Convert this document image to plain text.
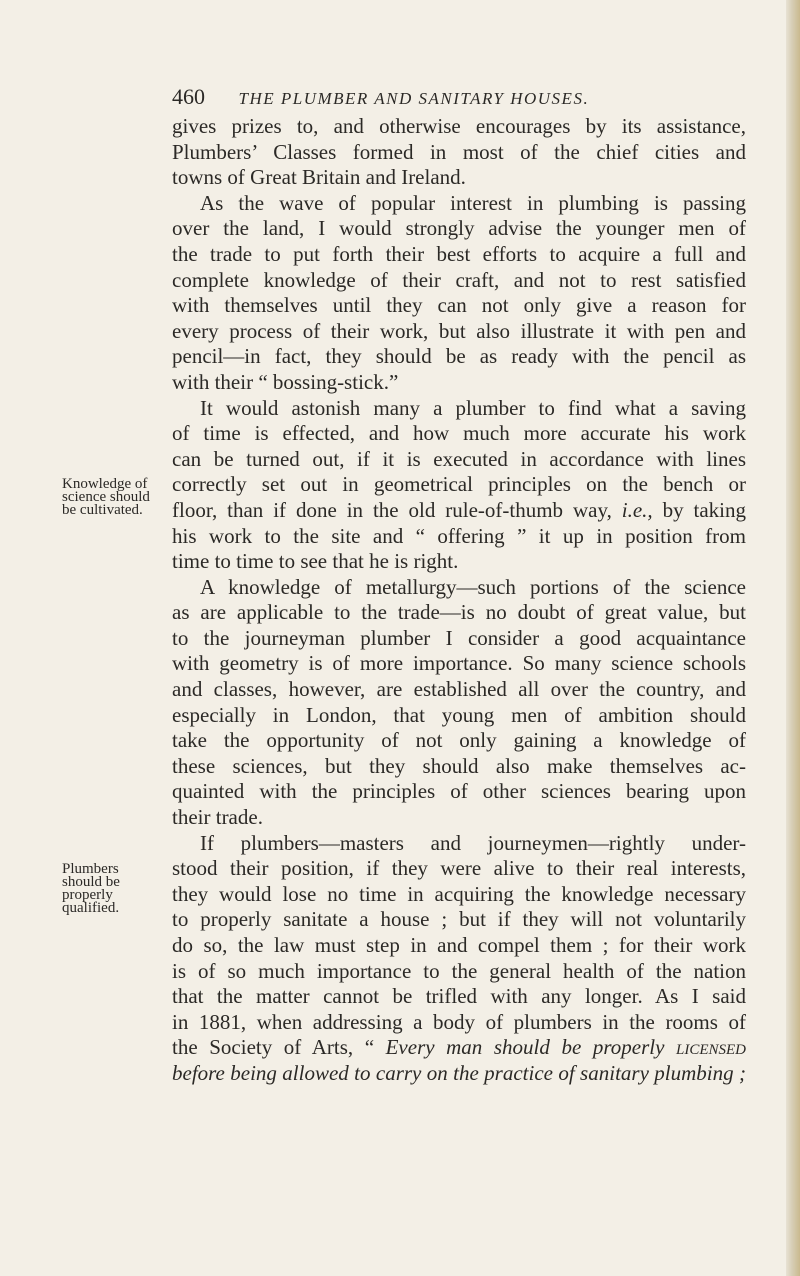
460 THE PLUMBER AND SANITARY HOUSES.
Knowledge of
science should
be cultivated.
Plumbers
should be
properly
qualified.
gives prizes to, and otherwise encourages by its assistance,
Plumbers’ Classes formed in most of the chief cities and
towns of Great Britain and Ireland.
As the wave of popular interest in plumbing is passing
over the land, I would strongly advise the younger men of
the trade to put forth their best efforts to acquire a full and
complete knowledge of their craft, and not to rest satisfied
with themselves until they can not only give a reason for
every process of their work, but also illustrate it with pen and
pencil—in fact, they should be as ready with the pencil as
with their “ bossing-stick.”
It would astonish many a plumber to find what a saving
of time is effected, and how much more accurate his work
can be turned out, if it is executed in accordance with lines
correctly set out in geometrical principles on the bench or
floor, than if done in the old rule-of-thumb way, i.e., by taking
his work to the site and “ offering ” it up in position from
time to time to see that he is right.
A knowledge of metallurgy—such portions of the science
as are applicable to the trade—is no doubt of great value, but
to the journeyman plumber I consider a good acquaintance
with geometry is of more importance. So many science schools
and classes, however, are established all over the country, and
especially in London, that young men of ambition should
take the opportunity of not only gaining a knowledge of
these sciences, but they should also make themselves ac-
quainted with the principles of other sciences bearing upon
their trade.
If plumbers—masters and journeymen—rightly under-
stood their position, if they were alive to their real interests,
they would lose no time in acquiring the knowledge necessary
to properly sanitate a house ; but if they will not voluntarily
do so, the law must step in and compel them ; for their work
is of so much importance to the general health of the nation
that the matter cannot be trifled with any longer. As I said
in 1881, when addressing a body of plumbers in the rooms of
the Society of Arts, “ Every man should be properly licensed
before being allowed to carry on the practice of sanitary plumbing ;
